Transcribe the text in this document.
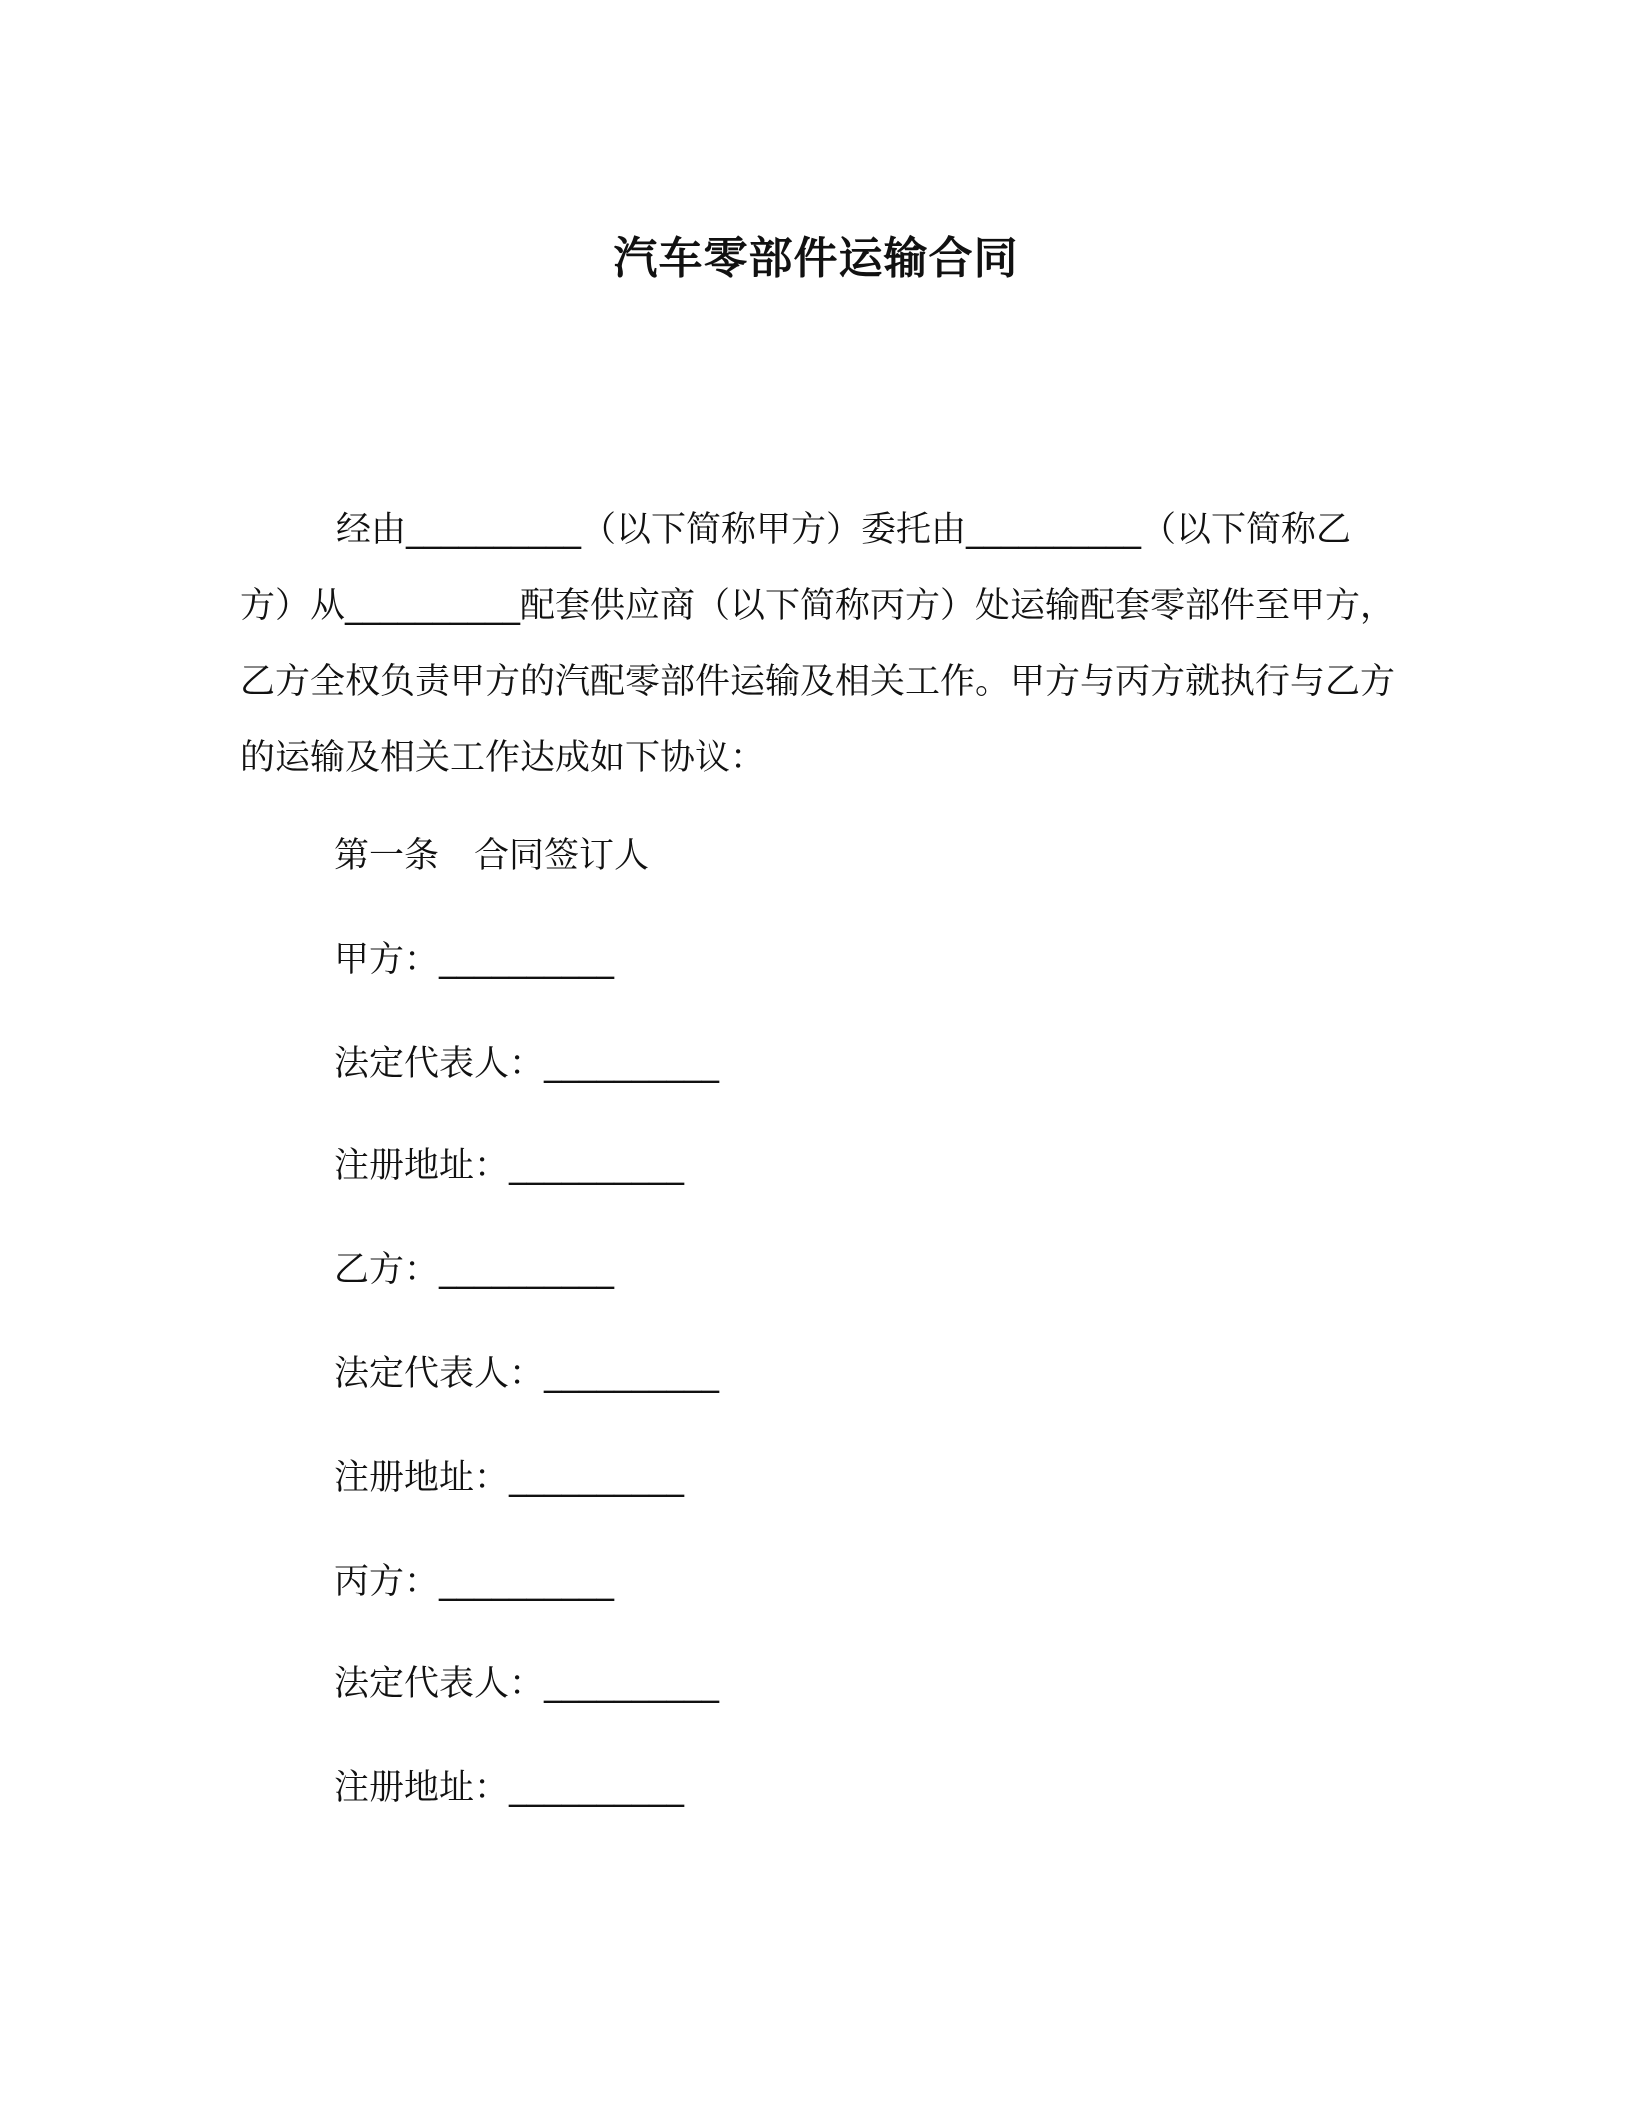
汽车零部件运输合同

经由__________（以下简称甲方）委托由__________（以下简称乙方）从__________配套供应商（以下简称丙方）处运输配套零部件至甲方，乙方全权负责甲方的汽配零部件运输及相关工作。甲方与丙方就执行与乙方的运输及相关工作达成如下协议：

第一条　合同签订人

甲方：__________

法定代表人：__________

注册地址：__________

乙方：__________

法定代表人：__________

注册地址：__________

丙方：__________

法定代表人：__________

注册地址：__________
